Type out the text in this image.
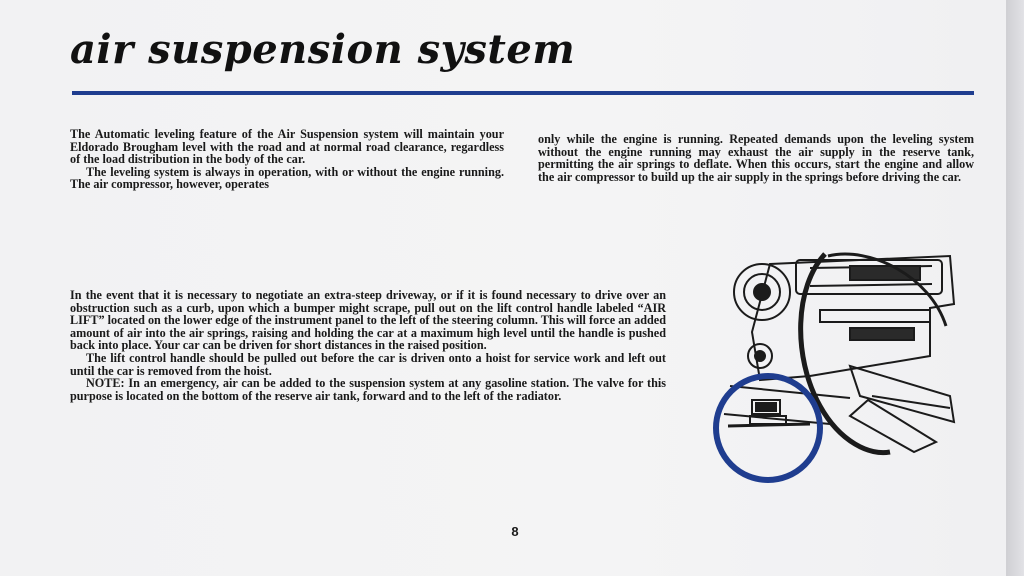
air suspension system

The Automatic leveling feature of the Air Suspension system will maintain your Eldorado Brougham level with the road and at normal road clearance, regardless of the load distribution in the body of the car.

The leveling system is always in operation, with or without the engine running. The air compressor, however, operates

only while the engine is running. Repeated demands upon the leveling system without the engine running may exhaust the air supply in the reserve tank, permitting the air springs to deflate. When this occurs, start the engine and allow the air compressor to build up the air supply in the springs before driving the car.

In the event that it is necessary to negotiate an extra-steep driveway, or if it is found necessary to drive over an obstruction such as a curb, upon which a bumper might scrape, pull out on the lift control handle labeled “AIR LIFT” located on the lower edge of the instrument panel to the left of the steering column. This will force an added amount of air into the air springs, raising and holding the car at a maximum high level until the handle is pushed back into place. Your car can be driven for short distances in the raised position.

The lift control handle should be pulled out before the car is driven onto a hoist for service work and left out until the car is removed from the hoist.

NOTE: In an emergency, air can be added to the suspension system at any gasoline station. The valve for this purpose is located on the bottom of the reserve air tank, forward and to the left of the radiator.

8
